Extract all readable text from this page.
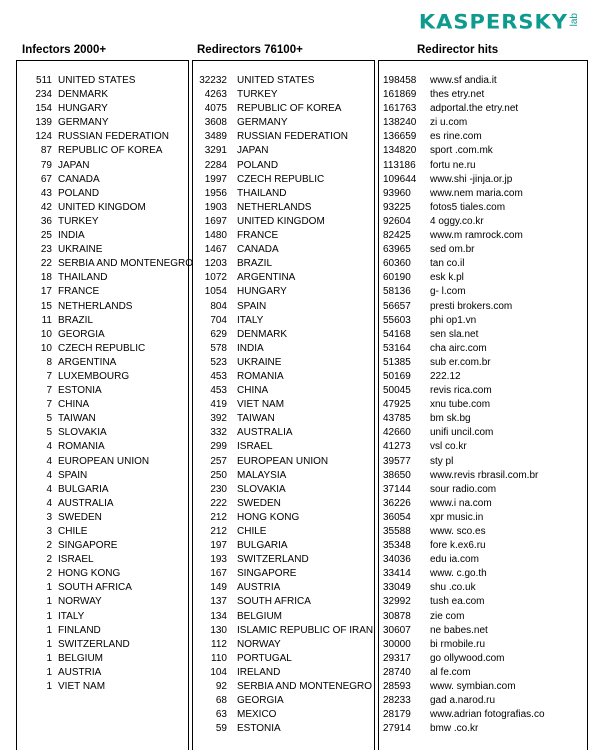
KASPERSKY lab
Infectors 2000+	Redirectors 76100+	Redirector hits
511 UNITED STATES
234 DENMARK
154 HUNGARY
139 GERMANY
124 RUSSIAN FEDERATION
87 REPUBLIC OF KOREA
79 JAPAN
67 CANADA
43 POLAND
42 UNITED KINGDOM
36 TURKEY
25 INDIA
23 UKRAINE
22 SERBIA AND MONTENEGRO
18 THAILAND
17 FRANCE
15 NETHERLANDS
11 BRAZIL
10 GEORGIA
10 CZECH REPUBLIC
8 ARGENTINA
7 LUXEMBOURG
7 ESTONIA
7 CHINA
5 TAIWAN
5 SLOVAKIA
4 ROMANIA
4 EUROPEAN UNION
4 SPAIN
4 BULGARIA
4 AUSTRALIA
3 SWEDEN
3 CHILE
2 SINGAPORE
2 ISRAEL
2 HONG KONG
1 SOUTH AFRICA
1 NORWAY
1 ITALY
1 FINLAND
1 SWITZERLAND
1 BELGIUM
1 AUSTRIA
1 VIET NAM
32232 UNITED STATES
4263 TURKEY
4075 REPUBLIC OF KOREA
3608 GERMANY
3489 RUSSIAN FEDERATION
3291 JAPAN
2284 POLAND
1997 CZECH REPUBLIC
1956 THAILAND
1903 NETHERLANDS
1697 UNITED KINGDOM
1480 FRANCE
1467 CANADA
1203 BRAZIL
1072 ARGENTINA
1054 HUNGARY
804 SPAIN
704 ITALY
629 DENMARK
578 INDIA
523 UKRAINE
453 ROMANIA
453 CHINA
419 VIET NAM
392 TAIWAN
332 AUSTRALIA
299 ISRAEL
257 EUROPEAN UNION
250 MALAYSIA
230 SLOVAKIA
222 SWEDEN
212 HONG KONG
212 CHILE
197 BULGARIA
193 SWITZERLAND
167 SINGAPORE
149 AUSTRIA
137 SOUTH AFRICA
134 BELGIUM
130 ISLAMIC REPUBLIC OF IRAN
112 NORWAY
110 PORTUGAL
104 IRELAND
92 SERBIA AND MONTENEGRO
68 GEORGIA
63 MEXICO
59 ESTONIA
198458 www.sf andia.it
161869 thes etry.net
161763 adportal.the etry.net
138240 zi u.com
136659 es rine.com
134820 sport .com.mk
113186 fortu ne.ru
109644 www.shi -jinja.or.jp
93960 www.nem maria.com
93225 fotos5 tiales.com
92604 4 oggy.co.kr
82425 www.m ramrock.com
63965 sed om.br
60360 tan co.il
60190 esk k.pl
58136 g- l.com
56657 presti brokers.com
55603 phi op1.vn
54168 sen sla.net
53164 cha airc.com
51385 sub er.com.br
50169 222.12
50045 revis rica.com
47925 xnu tube.com
43785 bm sk.bg
42660 unifi uncil.com
41273 vsl co.kr
39577 sty pl
38650 www.revis rbrasil.com.br
37144 sour radio.com
36226 www.i na.com
36054 xpr music.in
35588 www. sco.es
35348 fore k.ex6.ru
34036 edu ia.com
33414 www. c.go.th
33049 shu .co.uk
32992 tush ea.com
30878 zie com
30607 ne babes.net
30000 bi rmobile.ru
29317 go ollywood.com
28740 al fe.com
28593 www. symbian.com
28233 gad a.narod.ru
28179 www.adrian fotografias.co
27914 bmw .co.kr
